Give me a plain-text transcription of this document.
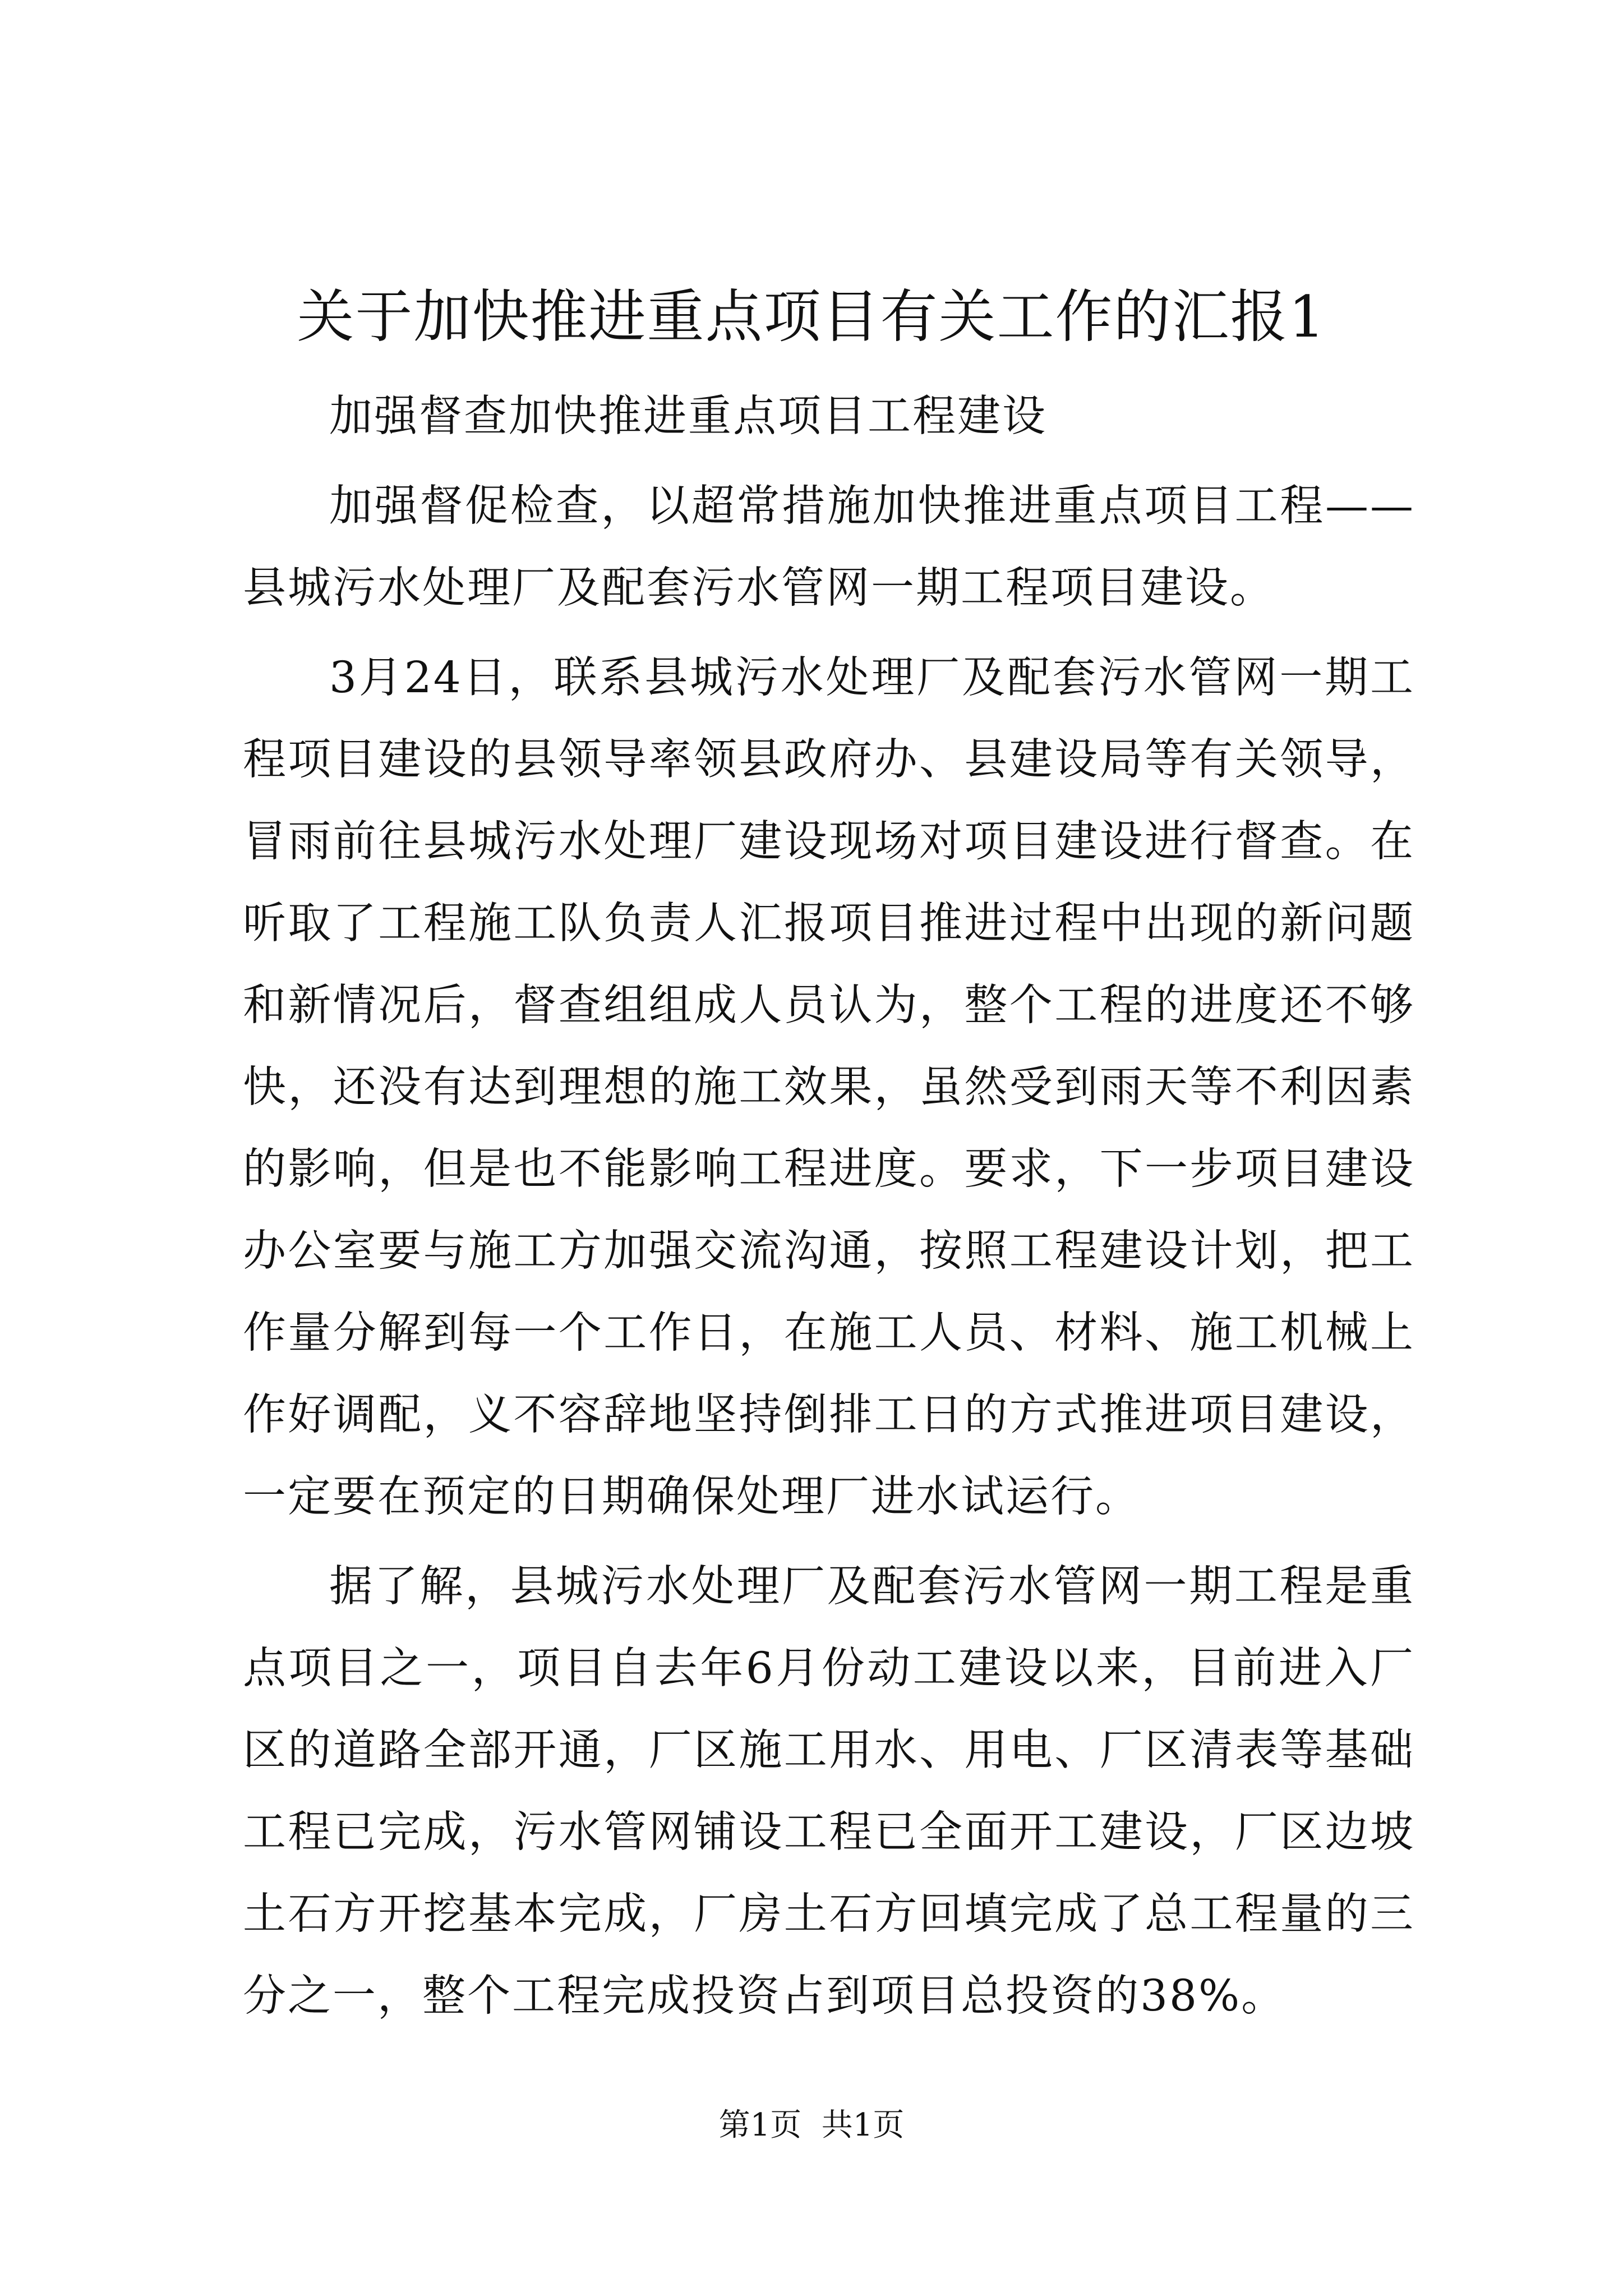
关于加快推进重点项目有关工作的汇报1

加强督查加快推进重点项目工程建设

加强督促检查，以超常措施加快推进重点项目工程——县城污水处理厂及配套污水管网一期工程项目建设。

3月24日，联系县城污水处理厂及配套污水管网一期工程项目建设的县领导率领县政府办、县建设局等有关领导，冒雨前往县城污水处理厂建设现场对项目建设进行督查。在听取了工程施工队负责人汇报项目推进过程中出现的新问题和新情况后，督查组组成人员认为，整个工程的进度还不够快，还没有达到理想的施工效果，虽然受到雨天等不利因素的影响，但是也不能影响工程进度。要求，下一步项目建设办公室要与施工方加强交流沟通，按照工程建设计划，把工作量分解到每一个工作日，在施工人员、材料、施工机械上作好调配，义不容辞地坚持倒排工日的方式推进项目建设，一定要在预定的日期确保处理厂进水试运行。

据了解，县城污水处理厂及配套污水管网一期工程是重点项目之一，项目自去年6月份动工建设以来，目前进入厂区的道路全部开通，厂区施工用水、用电、厂区清表等基础工程已完成，污水管网铺设工程已全面开工建设，厂区边坡土石方开挖基本完成，厂房土石方回填完成了总工程量的三分之一，整个工程完成投资占到项目总投资的38%。

第1页  共1页
